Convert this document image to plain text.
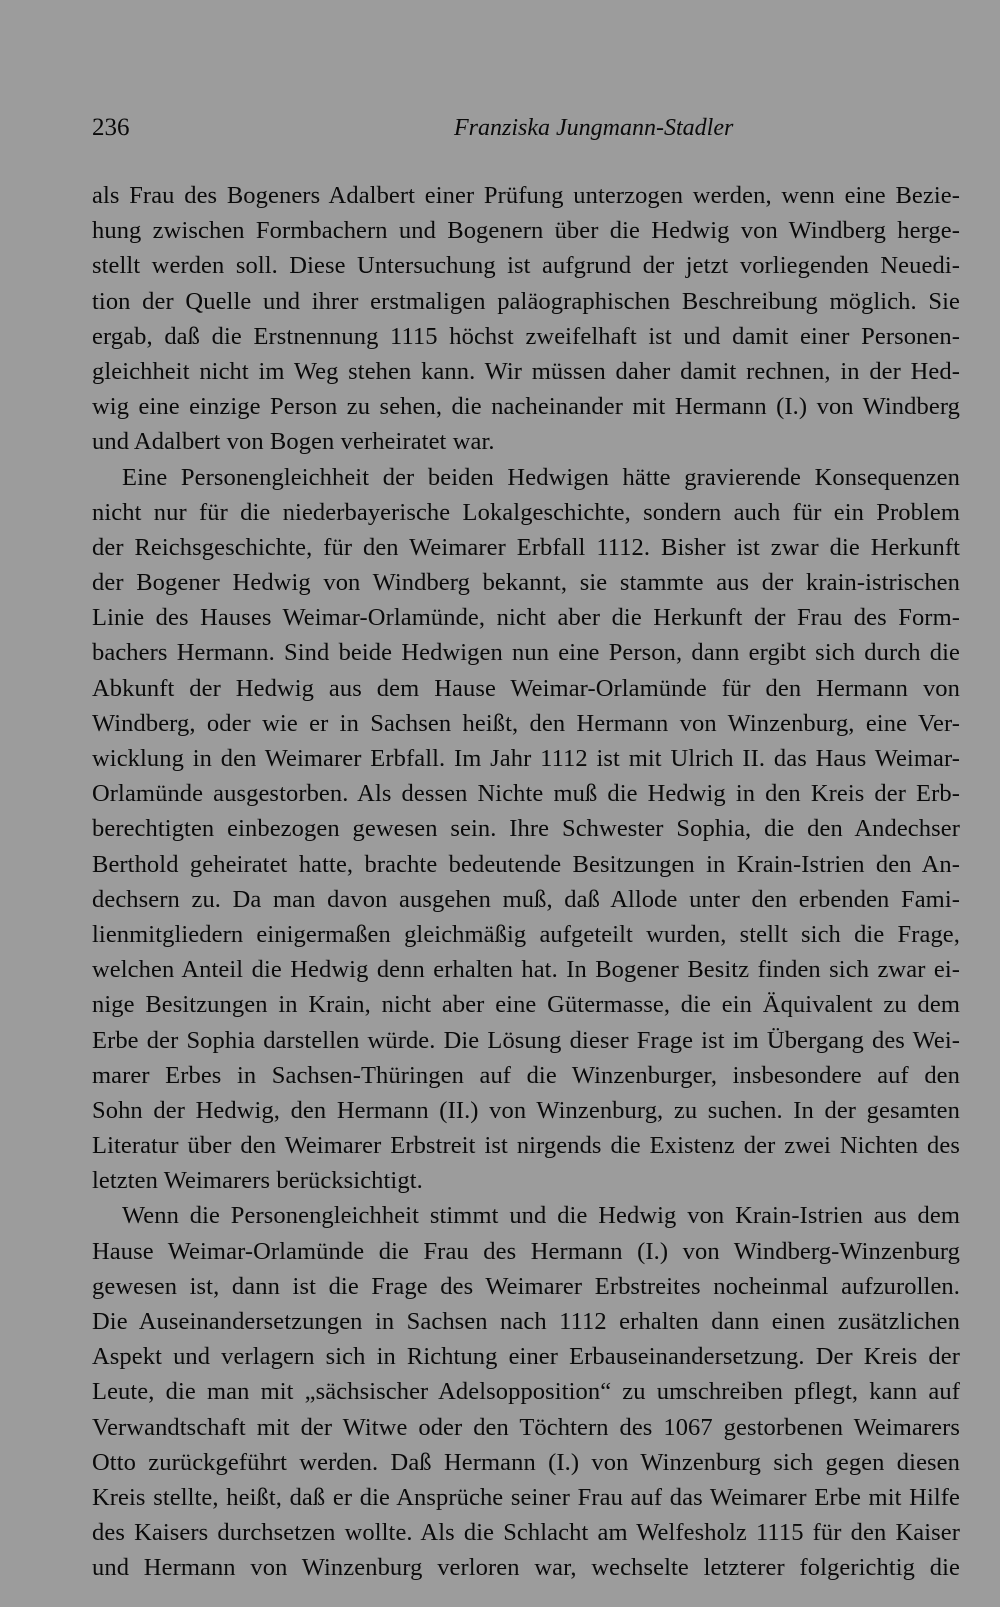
236	Franziska Jungmann-Stadler
als Frau des Bogeners Adalbert einer Prüfung unterzogen werden, wenn eine Bezie-
hung zwischen Formbachern und Bogenern über die Hedwig von Windberg herge-
stellt werden soll. Diese Untersuchung ist aufgrund der jetzt vorliegenden Neuedi-
tion der Quelle und ihrer erstmaligen paläographischen Beschreibung möglich. Sie
ergab, daß die Erstnennung 1115 höchst zweifelhaft ist und damit einer Personen-
gleichheit nicht im Weg stehen kann. Wir müssen daher damit rechnen, in der Hed-
wig eine einzige Person zu sehen, die nacheinander mit Hermann (I.) von Windberg
und Adalbert von Bogen verheiratet war.
Eine Personengleichheit der beiden Hedwigen hätte gravierende Konsequenzen
nicht nur für die niederbayerische Lokalgeschichte, sondern auch für ein Problem
der Reichsgeschichte, für den Weimarer Erbfall 1112. Bisher ist zwar die Herkunft
der Bogener Hedwig von Windberg bekannt, sie stammte aus der krain-istrischen
Linie des Hauses Weimar-Orlamünde, nicht aber die Herkunft der Frau des Form-
bachers Hermann. Sind beide Hedwigen nun eine Person, dann ergibt sich durch die
Abkunft der Hedwig aus dem Hause Weimar-Orlamünde für den Hermann von
Windberg, oder wie er in Sachsen heißt, den Hermann von Winzenburg, eine Ver-
wicklung in den Weimarer Erbfall. Im Jahr 1112 ist mit Ulrich II. das Haus Weimar-
Orlamünde ausgestorben. Als dessen Nichte muß die Hedwig in den Kreis der Erb-
berechtigten einbezogen gewesen sein. Ihre Schwester Sophia, die den Andechser
Berthold geheiratet hatte, brachte bedeutende Besitzungen in Krain-Istrien den An-
dechsern zu. Da man davon ausgehen muß, daß Allode unter den erbenden Fami-
lienmitgliedern einigermaßen gleichmäßig aufgeteilt wurden, stellt sich die Frage,
welchen Anteil die Hedwig denn erhalten hat. In Bogener Besitz finden sich zwar ei-
nige Besitzungen in Krain, nicht aber eine Gütermasse, die ein Äquivalent zu dem
Erbe der Sophia darstellen würde. Die Lösung dieser Frage ist im Übergang des Wei-
marer Erbes in Sachsen-Thüringen auf die Winzenburger, insbesondere auf den
Sohn der Hedwig, den Hermann (II.) von Winzenburg, zu suchen. In der gesamten
Literatur über den Weimarer Erbstreit ist nirgends die Existenz der zwei Nichten des
letzten Weimarers berücksichtigt.
Wenn die Personengleichheit stimmt und die Hedwig von Krain-Istrien aus dem
Hause Weimar-Orlamünde die Frau des Hermann (I.) von Windberg-Winzenburg
gewesen ist, dann ist die Frage des Weimarer Erbstreites nocheinmal aufzurollen.
Die Auseinandersetzungen in Sachsen nach 1112 erhalten dann einen zusätzlichen
Aspekt und verlagern sich in Richtung einer Erbauseinandersetzung. Der Kreis der
Leute, die man mit „sächsischer Adelsopposition“ zu umschreiben pflegt, kann auf
Verwandtschaft mit der Witwe oder den Töchtern des 1067 gestorbenen Weimarers
Otto zurückgeführt werden. Daß Hermann (I.) von Winzenburg sich gegen diesen
Kreis stellte, heißt, daß er die Ansprüche seiner Frau auf das Weimarer Erbe mit Hilfe
des Kaisers durchsetzen wollte. Als die Schlacht am Welfesholz 1115 für den Kaiser
und Hermann von Winzenburg verloren war, wechselte letzterer folgerichtig die
